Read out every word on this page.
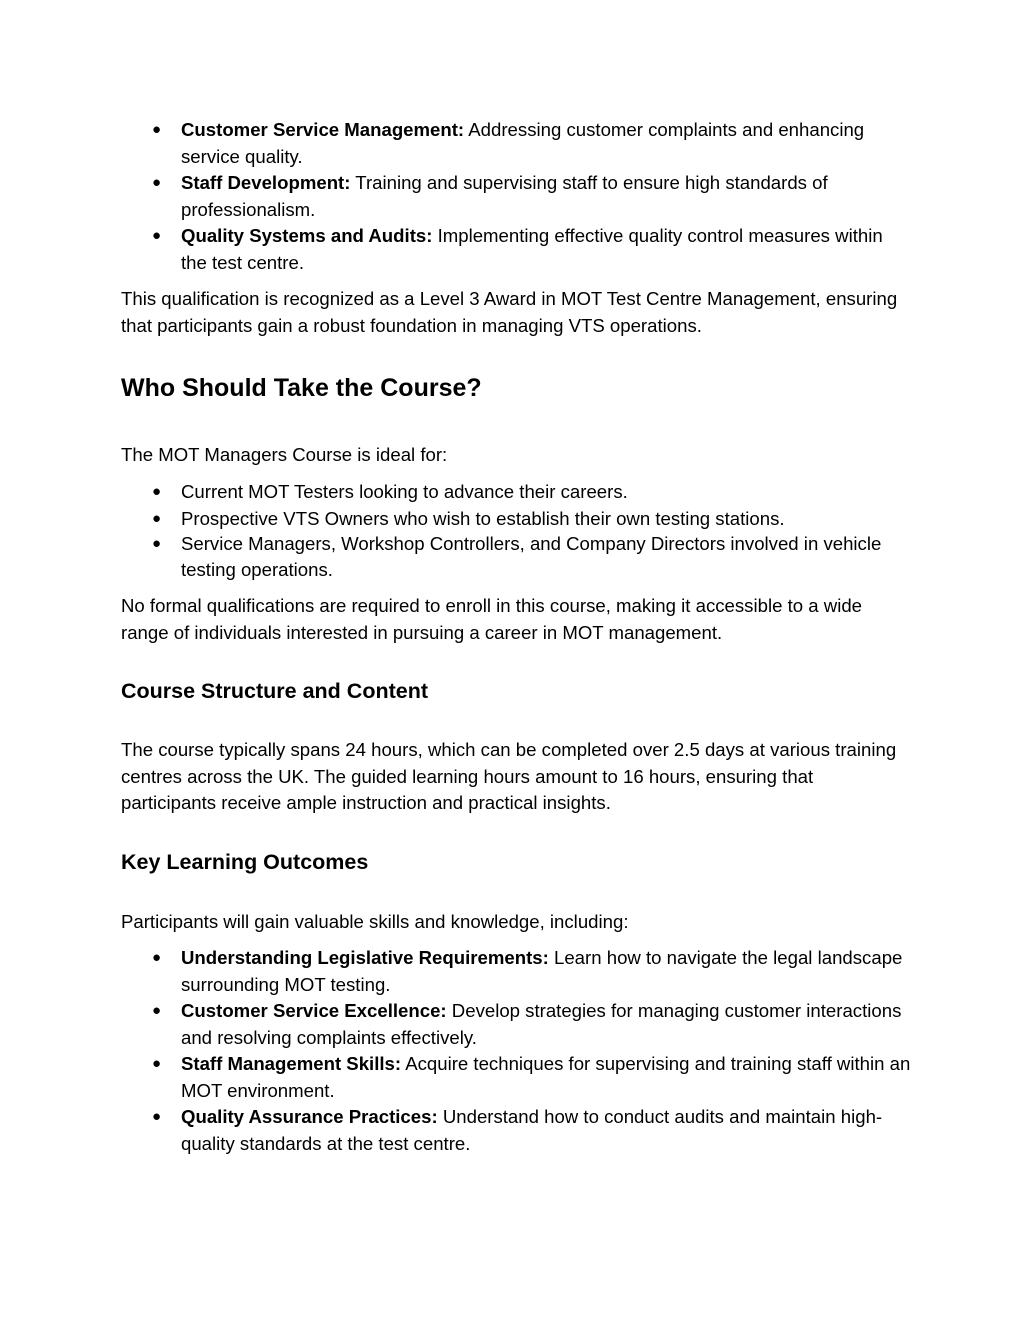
● Customer Service Management: Addressing customer complaints and enhancing service quality.
● Staff Development: Training and supervising staff to ensure high standards of professionalism.
● Quality Systems and Audits: Implementing effective quality control measures within the test centre.

This qualification is recognized as a Level 3 Award in MOT Test Centre Management, ensuring that participants gain a robust foundation in managing VTS operations.

Who Should Take the Course?

The MOT Managers Course is ideal for:

● Current MOT Testers looking to advance their careers.
● Prospective VTS Owners who wish to establish their own testing stations.
● Service Managers, Workshop Controllers, and Company Directors involved in vehicle testing operations.

No formal qualifications are required to enroll in this course, making it accessible to a wide range of individuals interested in pursuing a career in MOT management.

Course Structure and Content

The course typically spans 24 hours, which can be completed over 2.5 days at various training centres across the UK. The guided learning hours amount to 16 hours, ensuring that participants receive ample instruction and practical insights.

Key Learning Outcomes

Participants will gain valuable skills and knowledge, including:

● Understanding Legislative Requirements: Learn how to navigate the legal landscape surrounding MOT testing.
● Customer Service Excellence: Develop strategies for managing customer interactions and resolving complaints effectively.
● Staff Management Skills: Acquire techniques for supervising and training staff within an MOT environment.
● Quality Assurance Practices: Understand how to conduct audits and maintain high-quality standards at the test centre.
